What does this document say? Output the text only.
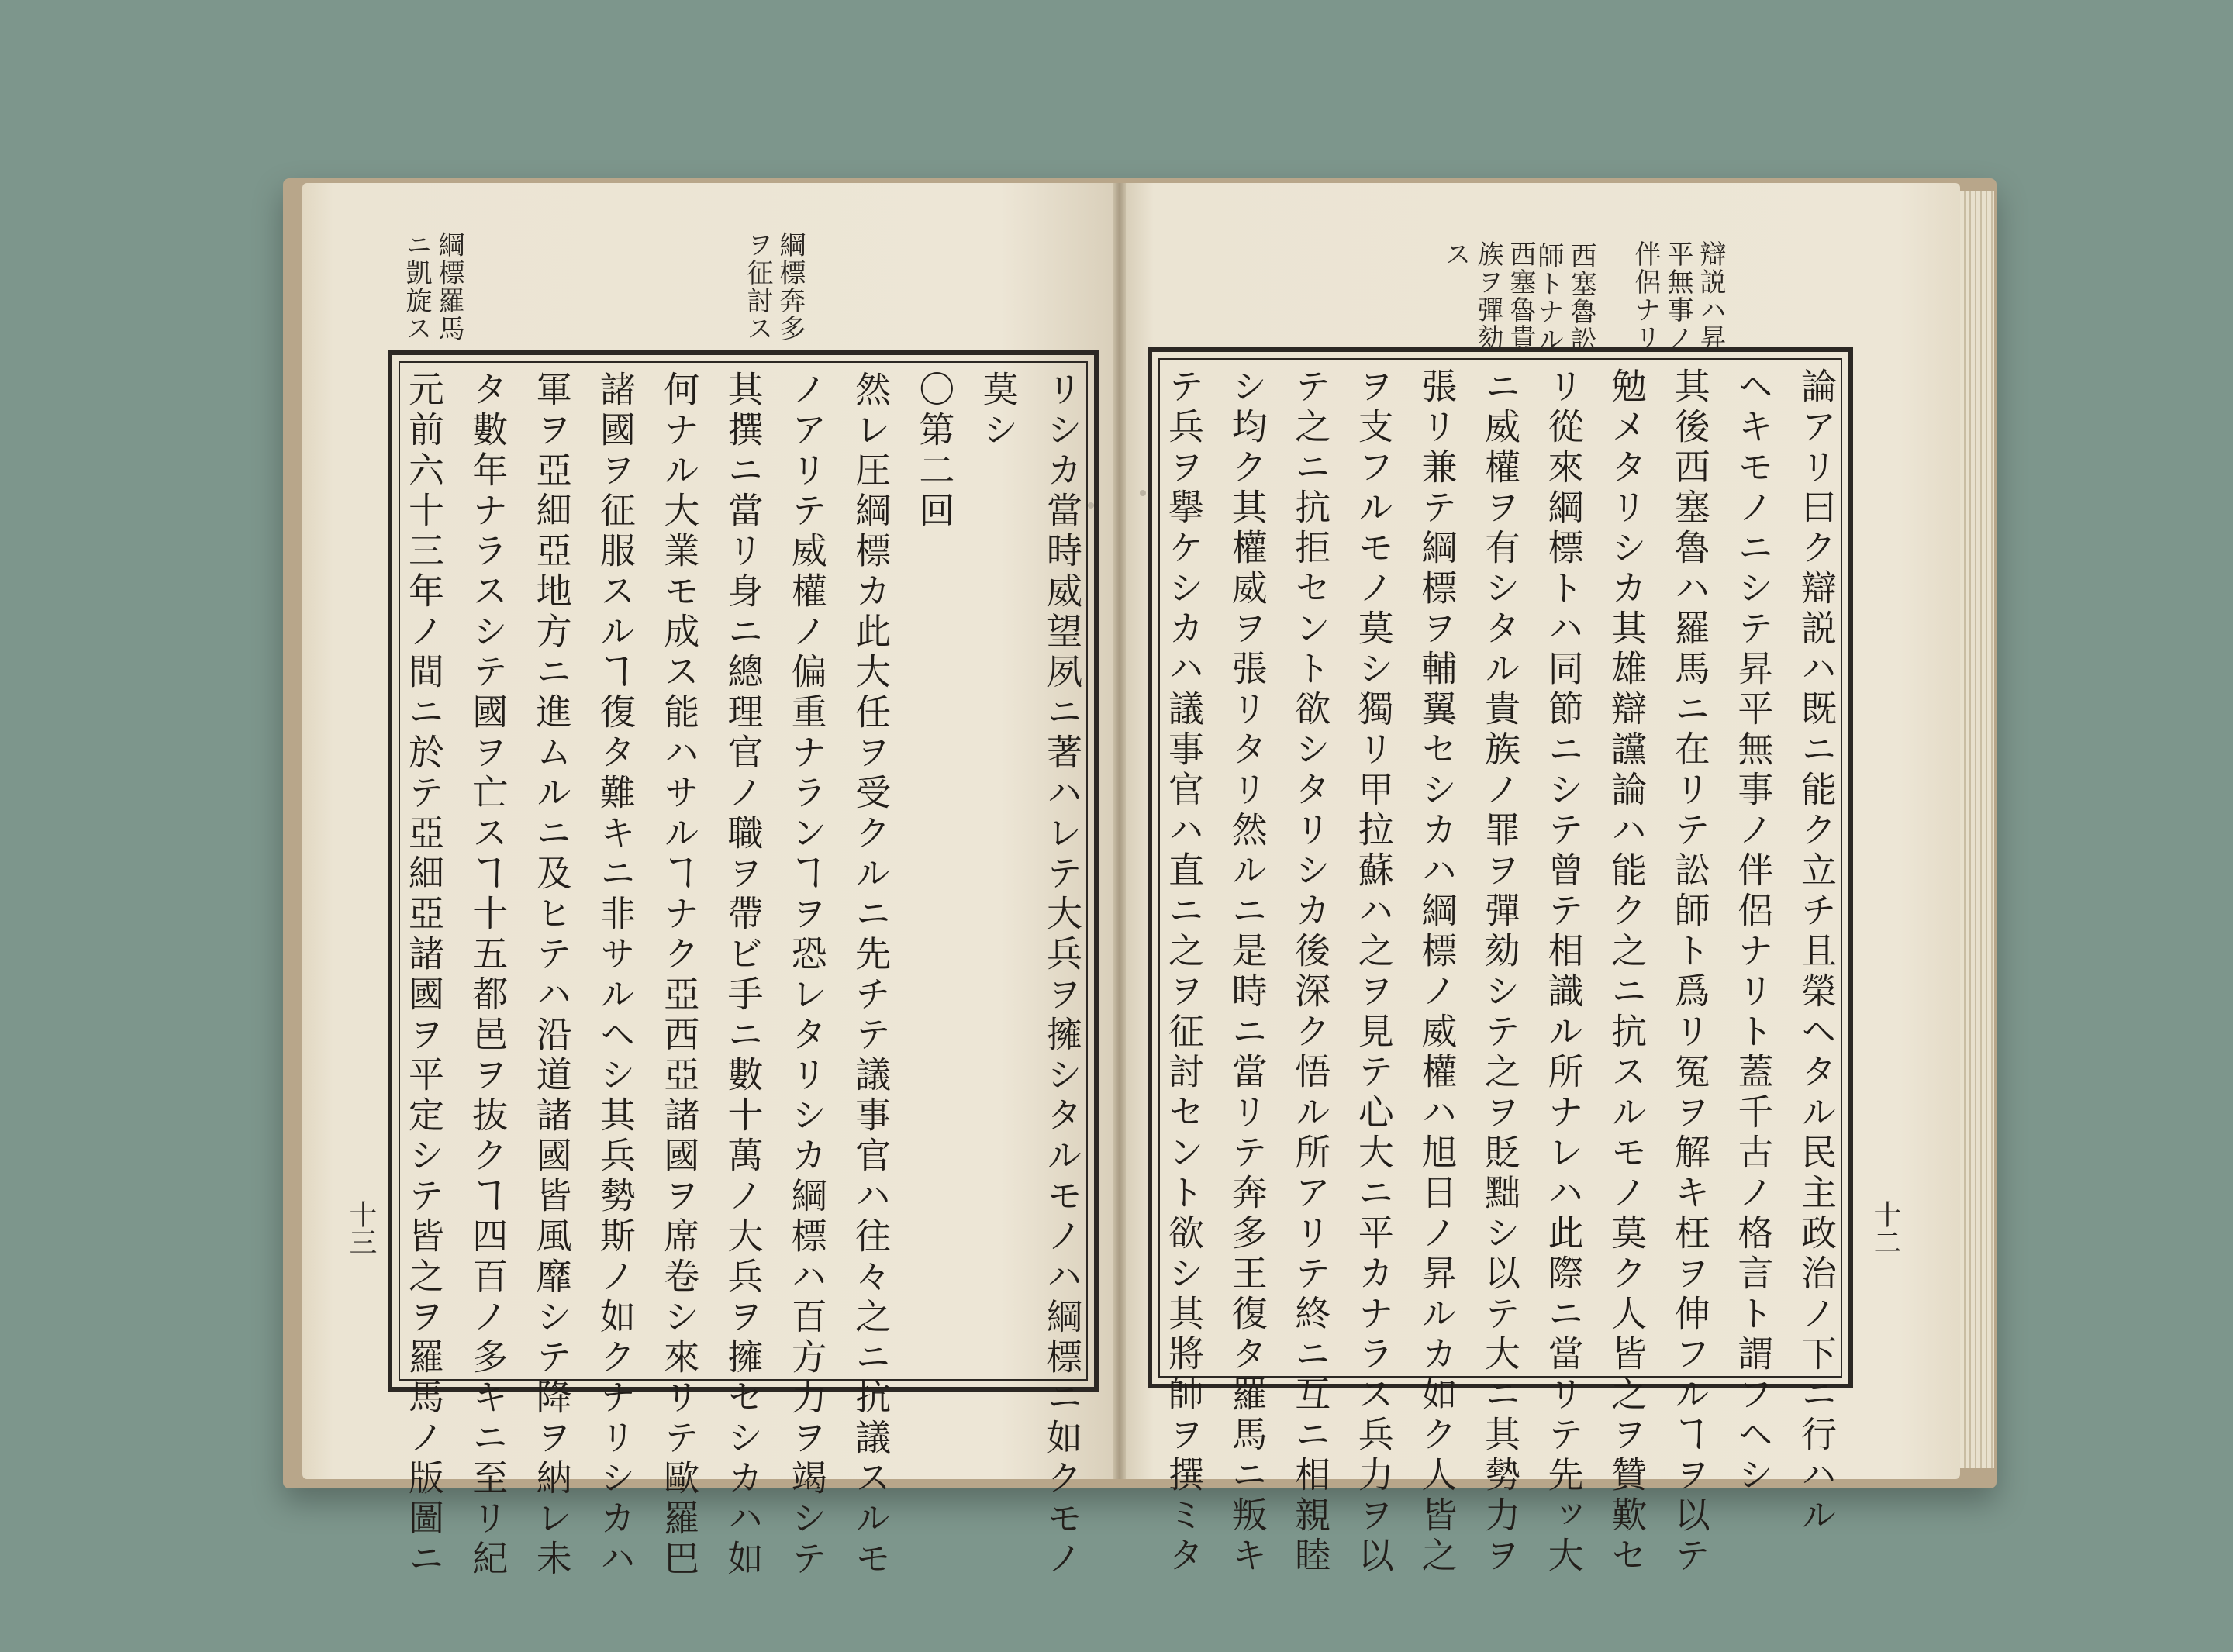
辯説ハ昇
平無事ノ
伴侶ナリ
西塞魯訟
師トナル
西塞魯貴
族ヲ彈劾
ス
綱標羅馬
ニ凱旋ス	綱標奔多
ヲ征討ス
リシカ當時威望夙ニ著ハレテ大兵ヲ擁シタルモノハ綱標ニ如クモノ
莫シ
〇第二回
然レ圧綱標カ此大任ヲ受クルニ先チテ議事官ハ往々之ニ抗議スルモ
ノアリテ威權ノ偏重ナランヿヲ恐レタリシカ綱標ハ百方力ヲ竭シテ
其撰ニ當リ身ニ總理官ノ職ヲ帶ビ手ニ數十萬ノ大兵ヲ擁セシカハ如
何ナル大業モ成ス能ハサルヿナク亞西亞諸國ヲ席卷シ來リテ歐羅巴
諸國ヲ征服スルヿ復タ難キニ非サルヘシ其兵勢斯ノ如クナリシカハ
軍ヲ亞細亞地方ニ進ムルニ及ヒテハ沿道諸國皆風靡シテ降ヲ納レ未
タ數年ナラスシテ國ヲ亡スヿ十五都邑ヲ抜クヿ四百ノ多キニ至リ紀
元前六十三年ノ間ニ於テ亞細亞諸國ヲ平定シテ皆之ヲ羅馬ノ版圖ニ	論アリ曰ク辯説ハ既ニ能ク立チ且榮ヘタル民主政治ノ下ニ行ハル
ヘキモノニシテ昇平無事ノ伴侶ナリト蓋千古ノ格言ト謂フヘシ
其後西塞魯ハ羅馬ニ在リテ訟師ト爲リ冤ヲ解キ枉ヲ伸フルヿヲ以テ
勉メタリシカ其雄辯讜論ハ能ク之ニ抗スルモノ莫ク人皆之ヲ贊歎セ
リ從來綱標トハ同節ニシテ曾テ相識ル所ナレハ此際ニ當リテ先ッ大
ニ威權ヲ有シタル貴族ノ罪ヲ彈劾シテ之ヲ貶黜シ以テ大ニ其勢力ヲ
張リ兼テ綱標ヲ輔翼セシカハ綱標ノ威權ハ旭日ノ昇ルカ如ク人皆之
ヲ支フルモノ莫シ獨リ甲拉蘇ハ之ヲ見テ心大ニ平カナラス兵力ヲ以
テ之ニ抗拒セント欲シタリシカ後深ク悟ル所アリテ終ニ互ニ相親睦
シ均ク其權威ヲ張リタリ然ルニ是時ニ當リテ奔多王復タ羅馬ニ叛キ
テ兵ヲ擧ケシカハ議事官ハ直ニ之ヲ征討セント欲シ其將帥ヲ撰ミタ
十三	十二
